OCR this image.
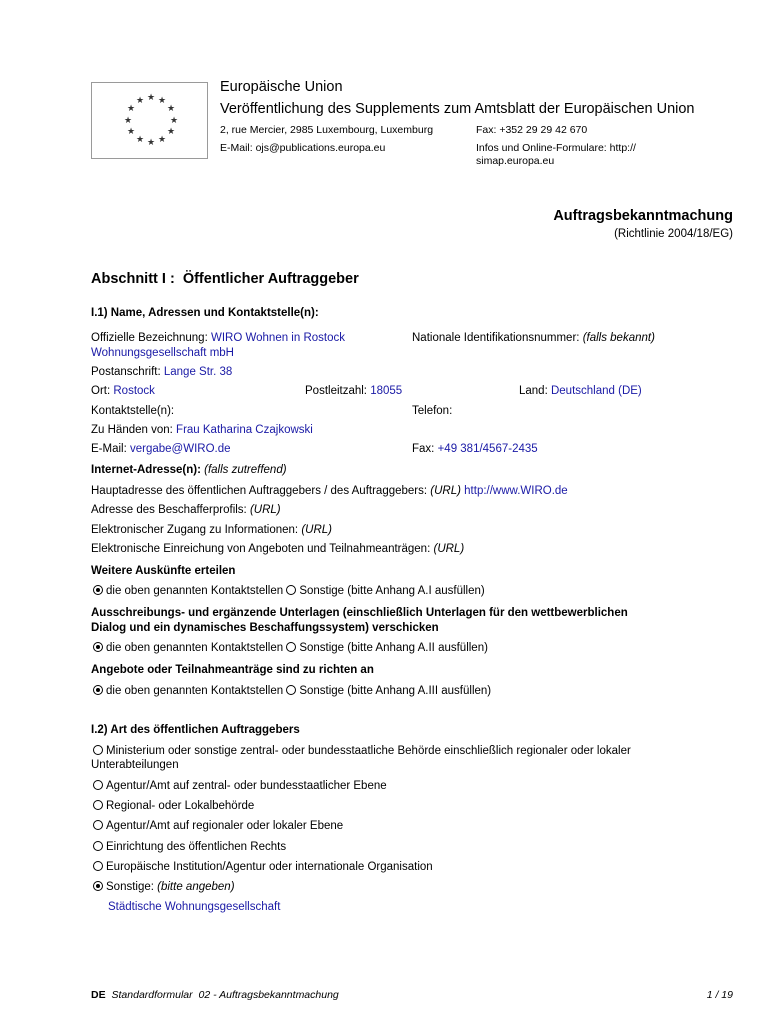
★ ★
★
★
★
★
★
★
★
★
★
★
Europäische Union
Veröffentlichung des Supplements zum Amtsblatt der Europäischen Union
2, rue Mercier, 2985 Luxembourg, Luxemburg	Fax: +352 29 29 42 670
E-Mail: ojs@publications.europa.eu	Infos und Online-Formulare: http://
simap.europa.eu
Auftragsbekanntmachung
(Richtlinie 2004/18/EG)
Abschnitt I :  Öffentlicher Auftraggeber
I.1) Name, Adressen und Kontaktstelle(n):
Offizielle Bezeichnung: WIRO Wohnen in Rostock
Wohnungsgesellschaft mbH
Nationale Identifikationsnummer: (falls bekannt)
Postanschrift: Lange Str. 38
Ort: Rostock	Postleitzahl: 18055	Land: Deutschland (DE)
Kontaktstelle(n):	Telefon:
Zu Händen von: Frau Katharina Czajkowski
E-Mail: vergabe@WIRO.de	Fax: +49 381/4567-2435
Internet-Adresse(n): (falls zutreffend)
Hauptadresse des öffentlichen Auftraggebers / des Auftraggebers: (URL) http://www.WIRO.de
Adresse des Beschafferprofils: (URL)
Elektronischer Zugang zu Informationen: (URL)
Elektronische Einreichung von Angeboten und Teilnahmeanträgen: (URL)
Weitere Auskünfte erteilen
die oben genannten Kontaktstellen Sonstige (bitte Anhang A.I ausfüllen)
Ausschreibungs- und ergänzende Unterlagen (einschließlich Unterlagen für den wettbewerblichen
Dialog und ein dynamisches Beschaffungssystem) verschicken
die oben genannten Kontaktstellen Sonstige (bitte Anhang A.II ausfüllen)
Angebote oder Teilnahmeanträge sind zu richten an
die oben genannten Kontaktstellen Sonstige (bitte Anhang A.III ausfüllen)
I.2) Art des öffentlichen Auftraggebers
Ministerium oder sonstige zentral- oder bundesstaatliche Behörde einschließlich regionaler oder lokaler
Unterabteilungen
Agentur/Amt auf zentral- oder bundesstaatlicher Ebene
Regional- oder Lokalbehörde
Agentur/Amt auf regionaler oder lokaler Ebene
Einrichtung des öffentlichen Rechts
Europäische Institution/Agentur oder internationale Organisation
Sonstige: (bitte angeben)
Städtische Wohnungsgesellschaft
DE Standardformular  02 - Auftragsbekanntmachung	1 / 19
